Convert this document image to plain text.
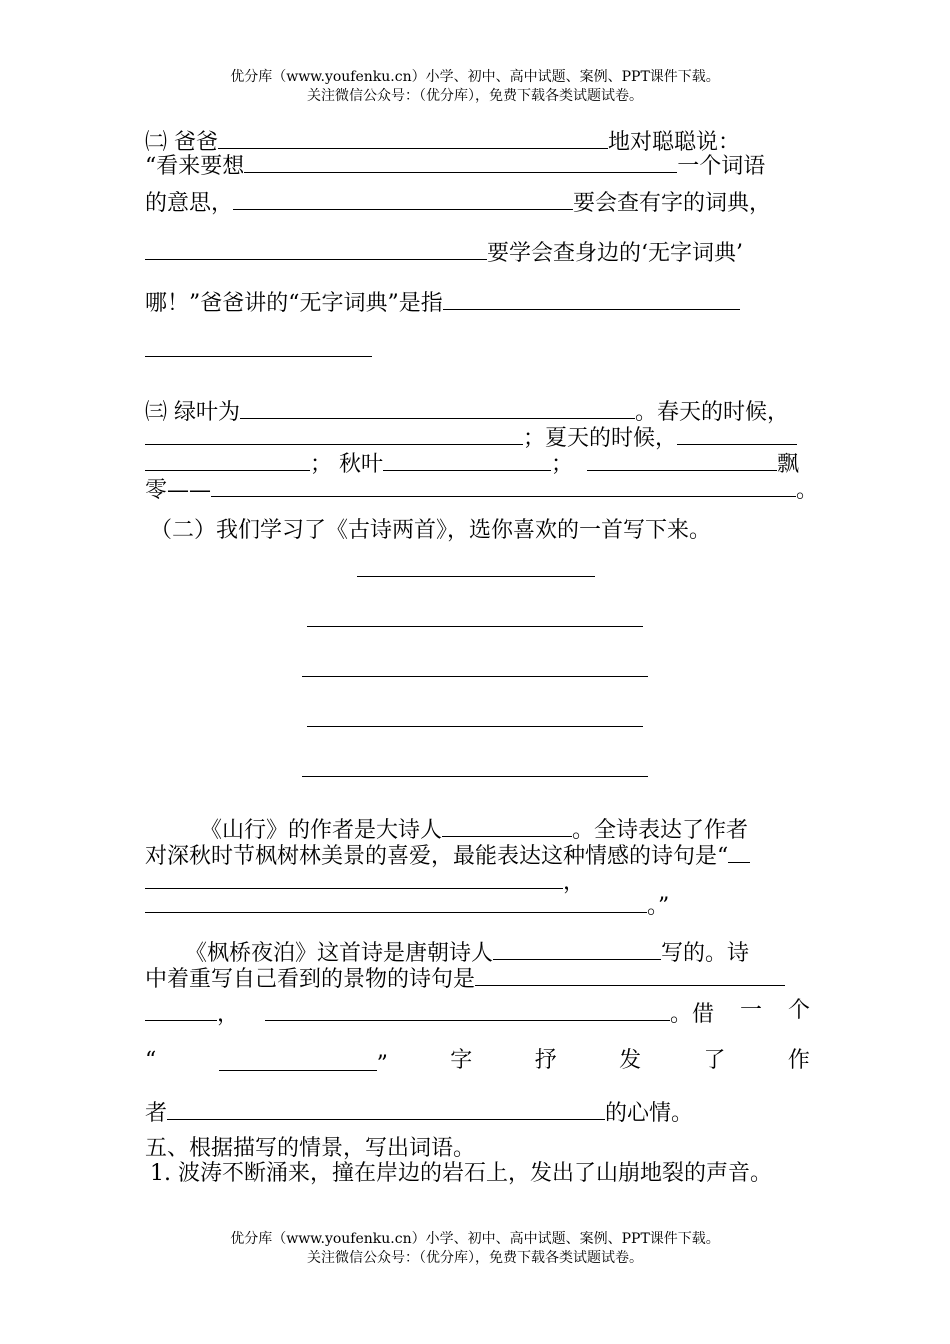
优分库（www.youfenku.cn）小学、初中、高中试题、案例、PPT课件下载。
关注微信公众号：（优分库），免费下载各类试题试卷。
㈡ 爸爸	地对聪聪说：
“看来要想	一个词语
的意思，	要会查有字的词典，
要学会查身边的‘无字词典’
哪！”爸爸讲的“无字词典”是指
㈢ 绿叶为	。春天的时候，
；夏天的时候，
； 秋叶	；	飘
零——	。
（二）我们学习了《古诗两首》，选你喜欢的一首写下来。
《山行》的作者是大诗人	。全诗表达了作者
对深秋时节枫树林美景的喜爱，最能表达这种情感的诗句是“
，
。”
《枫桥夜泊》这首诗是唐朝诗人	写的。诗
中着重写自己看到的景物的诗句是
，	。借 一 个
“	”	字	抒	发	了	作
者	的心情。
五、根据描写的情景，写出词语。
1. 波涛不断涌来，撞在岸边的岩石上，发出了山崩地裂的声音。
优分库（www.youfenku.cn）小学、初中、高中试题、案例、PPT课件下载。
关注微信公众号：（优分库），免费下载各类试题试卷。
